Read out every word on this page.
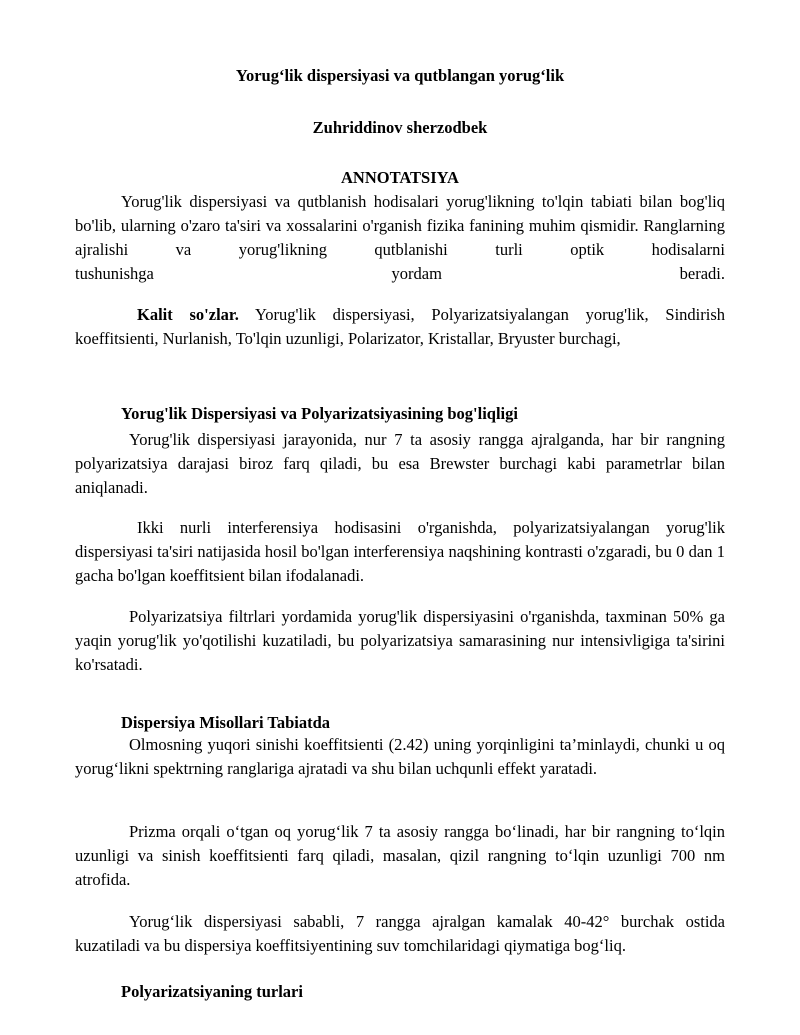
Yorug‘lik dispersiyasi va qutblangan yorug‘lik
Zuhriddinov sherzodbek
ANNOTATSIYA

Yorug'lik dispersiyasi va qutblanish hodisalari yorug'likning to'lqin tabiati bilan bog'liq bo'lib, ularning o'zaro ta'siri va xossalarini o'rganish fizika fanining muhim qismidir. Ranglarning ajralishi va yorug'likning qutblanishi turli optik hodisalarni

tushunishga yordam beradi.

Kalit so'zlar. Yorug'lik dispersiyasi, Polyarizatsiyalangan yorug'lik, Sindirish koeffitsienti, Nurlanish, To'lqin uzunligi, Polarizator, Kristallar, Bryuster burchagi,

Yorug'lik Dispersiyasi va Polyarizatsiyasining bog'liqligi

Yorug'lik dispersiyasi jarayonida, nur 7 ta asosiy rangga ajralganda, har bir rangning polyarizatsiya darajasi biroz farq qiladi, bu esa Brewster burchagi kabi parametrlar bilan aniqlanadi.

Ikki nurli interferensiya hodisasini o'rganishda, polyarizatsiyalangan yorug'lik dispersiyasi ta'siri natijasida hosil bo'lgan interferensiya naqshining kontrasti o'zgaradi, bu 0 dan 1 gacha bo'lgan koeffitsient bilan ifodalanadi.

Polyarizatsiya filtrlari yordamida yorug'lik dispersiyasini o'rganishda, taxminan 50% ga yaqin yorug'lik yo'qotilishi kuzatiladi, bu polyarizatsiya samarasining nur intensivligiga ta'sirini ko'rsatadi.

Dispersiya Misollari Tabiatda

Olmosning yuqori sinishi koeffitsienti (2.42) uning yorqinligini ta’minlaydi, chunki u oq yorug‘likni spektrning ranglariga ajratadi va shu bilan uchqunli effekt yaratadi.

Prizma orqali o‘tgan oq yorug‘lik 7 ta asosiy rangga bo‘linadi, har bir rangning to‘lqin uzunligi va sinish koeffitsienti farq qiladi, masalan, qizil rangning to‘lqin uzunligi 700 nm atrofida.

Yorug‘lik dispersiyasi sababli, 7 rangga ajralgan kamalak 40-42° burchak ostida kuzatiladi va bu dispersiya koeffitsiyentining suv tomchilaridagi qiymatiga bog‘liq.

Polyarizatsiyaning turlari
